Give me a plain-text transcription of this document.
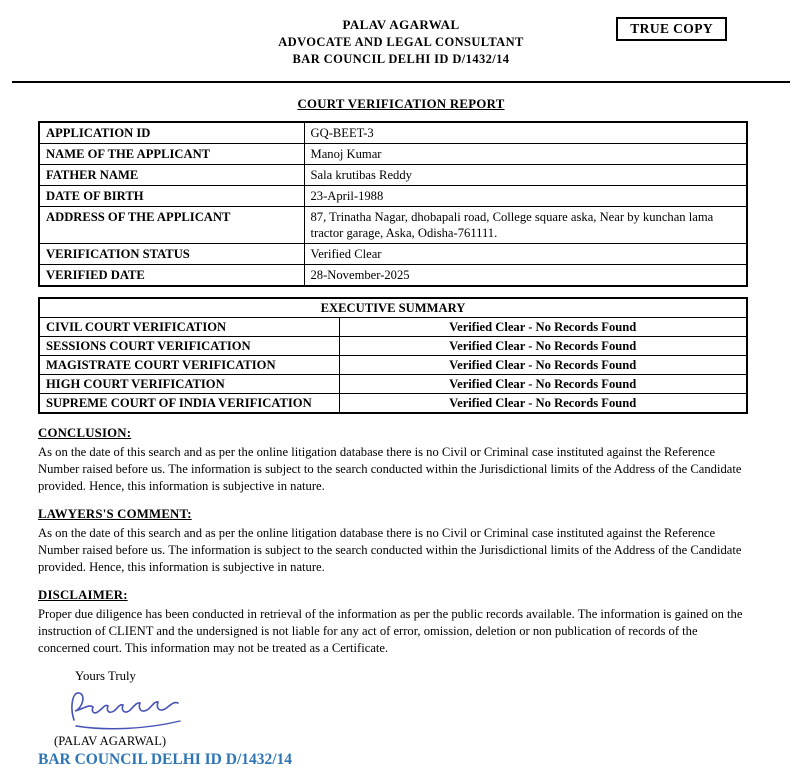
TRUE COPY
PALAV AGARWAL
ADVOCATE AND LEGAL CONSULTANT
BAR COUNCIL DELHI ID D/1432/14
COURT VERIFICATION REPORT
APPLICATION ID	GQ-BEET-3
NAME OF THE APPLICANT	Manoj Kumar
FATHER NAME	Sala krutibas Reddy
DATE OF BIRTH	23-April-1988
ADDRESS OF THE APPLICANT	87, Trinatha Nagar, dhobapali road, College square aska, Near by kunchan lama tractor garage, Aska, Odisha-761111.
VERIFICATION STATUS	Verified Clear
VERIFIED DATE	28-November-2025
EXECUTIVE SUMMARY	
CIVIL COURT VERIFICATION	Verified Clear - No Records Found
SESSIONS COURT VERIFICATION	Verified Clear - No Records Found
MAGISTRATE COURT VERIFICATION	Verified Clear - No Records Found
HIGH COURT VERIFICATION	Verified Clear - No Records Found
SUPREME COURT OF INDIA VERIFICATION	Verified Clear - No Records Found
CONCLUSION:

As on the date of this search and as per the online litigation database there is no Civil or Criminal case instituted against the Reference Number raised before us. The information is subject to the search conducted within the Jurisdictional limits of the Address of the Candidate provided. Hence, this information is subjective in nature.

LAWYERS'S COMMENT:

As on the date of this search and as per the online litigation database there is no Civil or Criminal case instituted against the Reference Number raised before us. The information is subject to the search conducted within the Jurisdictional limits of the Address of the Candidate provided. Hence, this information is subjective in nature.

DISCLAIMER:

Proper due diligence has been conducted in retrieval of the information as per the public records available. The information is gained on the instruction of CLIENT and the undersigned is not liable for any act of error, omission, deletion or non publication of records of the concerned court. This information may not be treated as a Certificate.

Yours Truly
(PALAV AGARWAL)
BAR COUNCIL DELHI ID D/1432/14
